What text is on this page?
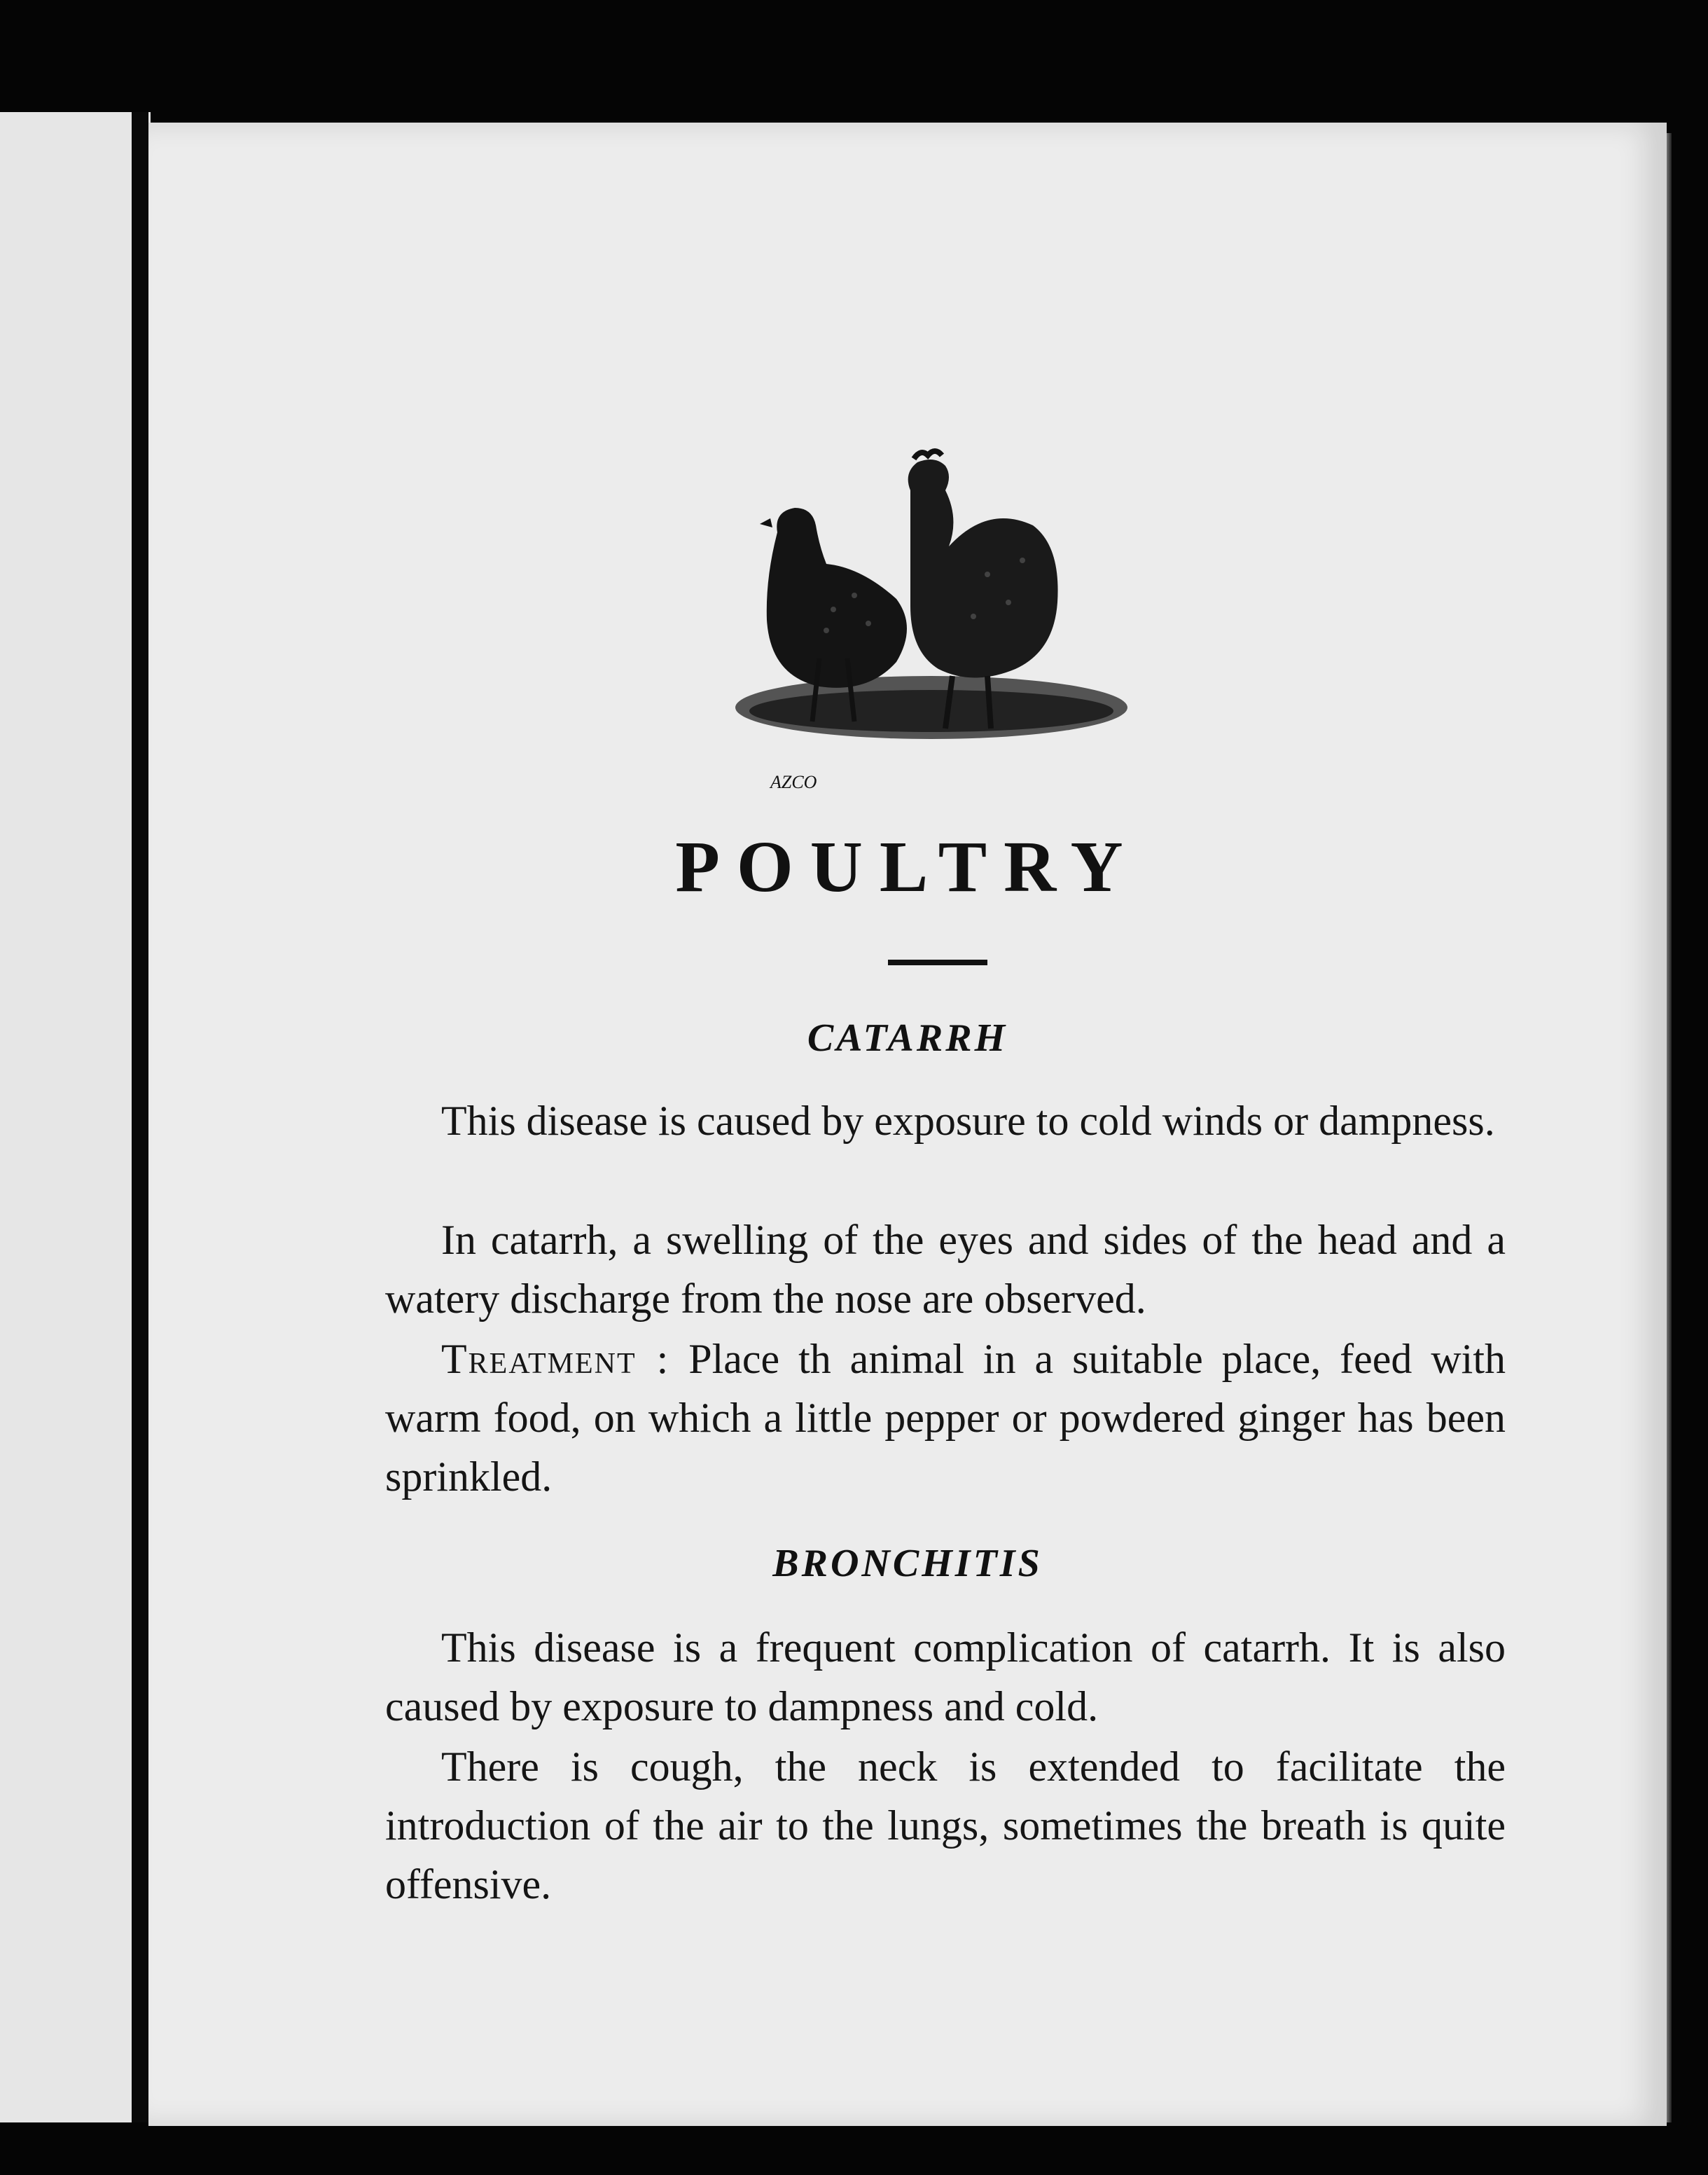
AZCO
POULTRY
CATARRH

This disease is caused by exposure to cold winds or dampness.

In catarrh, a swelling of the eyes and sides of the head and a watery discharge from the nose are observed.

Treatment : Place th animal in a suitable place, feed with warm food, on which a little pepper or powdered ginger has been sprinkled.

BRONCHITIS

This disease is a frequent complication of catarrh. It is also caused by exposure to dampness and cold.

There is cough, the neck is extended to facilitate the introduction of the air to the lungs, sometimes the breath is quite offensive.
